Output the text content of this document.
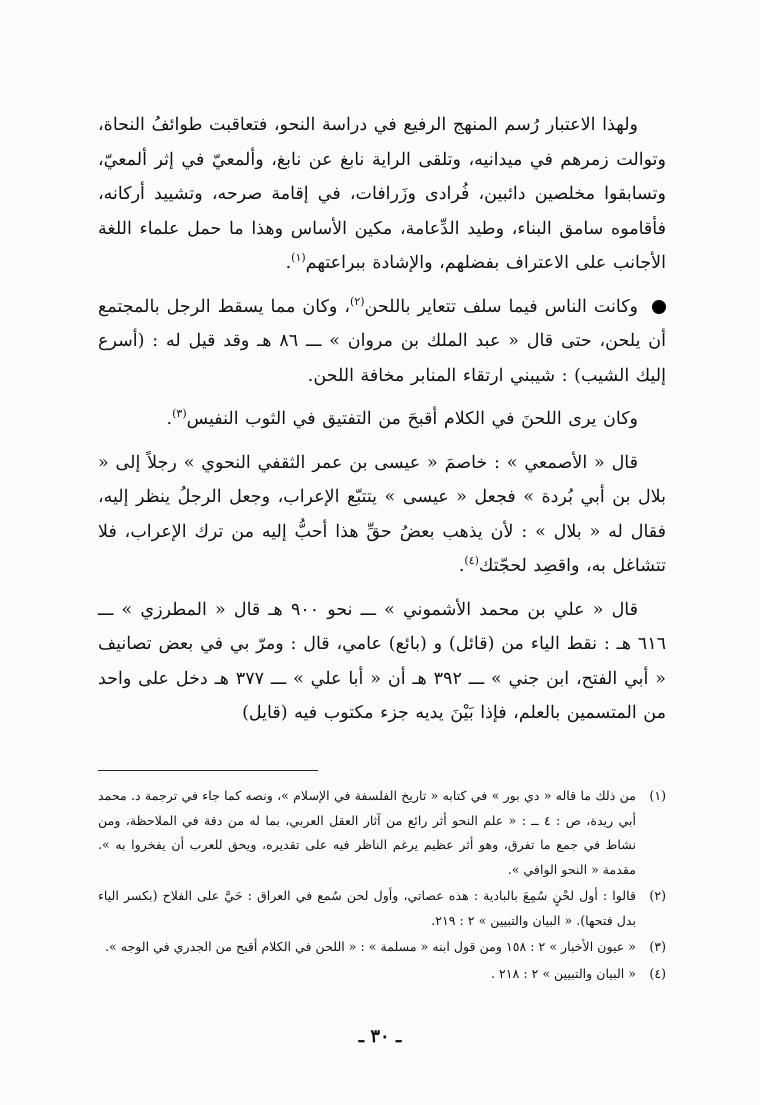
ولهذا الاعتبار رُسم المنهج الرفيع في دراسة النحو، فتعاقبت طوائفُ النحاة، وتوالت زمرهم في ميدانيه، وتلقى الراية نابغ عن نابغ، وألمعيّ في إثر ألمعيّ، وتسابقوا مخلصين دائبين، فُرادى وزَرافات، في إقامة صرحه، وتشييد أركانه، فأقاموه سامق البناء، وطيد الدِّعامة، مكين الأساس وهذا ما حمل علماء اللغة الأجانب على الاعتراف بفضلهم، والإشادة ببراعتهم$^{(١)}$.

وكانت الناس فيما سلف تتعاير باللحن$^{(٢)}$، وكان مما يسقط الرجل بالمجتمع أن يلحن، حتى قال « عبد الملك بن مروان » ـــ ٨٦ هـ وقد قيل له : (أسرع إليك الشيب) : شيبني ارتقاء المنابر مخافة اللحن.

وكان يرى اللحنَ في الكلام أقبحَ من التفتيق في الثوب النفيس$^{(٣)}$.

قال « الأصمعي » : خاصمَ « عيسى بن عمر الثقفي النحوي » رجلاً إلى « بلال بن أبي بُردة » فجعل « عيسى » يتتبّع الإعراب، وجعل الرجلُ ينظر إليه، فقال له « بلال » : لأن يذهب بعضُ حقِّ هذا أحبُّ إليه من ترك الإعراب، فلا تتشاغل به، واقصِد لحجّتك$^{(٤)}$.

قال « علي بن محمد الأشموني » ـــ نحو ٩٠٠ هـ قال « المطرزي » ـــ ٦١٦ هـ : نقط الياء من (قائل) و (بائع) عامي، قال : ومرّ بي في بعض تصانيف « أبي الفتح، ابن جني » ـــ ٣٩٢ هـ أن « أبا علي » ـــ ٣٧٧ هـ دخل على واحد من المتسمين بالعلم، فإذا بَيْنَ يديه جزء مكتوب فيه (قايل)

(١)
من ذلك ما قاله « دي بور » في كتابه « تاريخ الفلسفة في الإسلام »، ونصه كما جاء في ترجمة د. محمد أبي ريدة، ص : ٤ ــ : « علم النحو أثر رائع من آثار العقل العربي، بما له من دقة في الملاحظة، ومن نشاط في جمع ما تفرق، وهو أثر عظيم يرغم الناظر فيه على تقديره، ويحق للعرب أن يفخروا به ». مقدمة « النحو الوافي ».
(٢)
قالوا : أول لحْنٍ سُمِعَ بالبادية : هذه عصاتي، وأول لحن سُمع في العراق : حَيَّ على الفلاح (بكسر الياء بدل فتحها). « البيان والتبيين » ٢ : ٢١٩.
(٣)
« عيون الأخبار » ٢ : ١٥٨ ومن قول ابنه « مسلمة » : « اللحن في الكلام أقبح من الجدري في الوجه ».
(٤)
« البيان والتبيين » ٢ : ٢١٨ .
ـ ٣٠ ـ
